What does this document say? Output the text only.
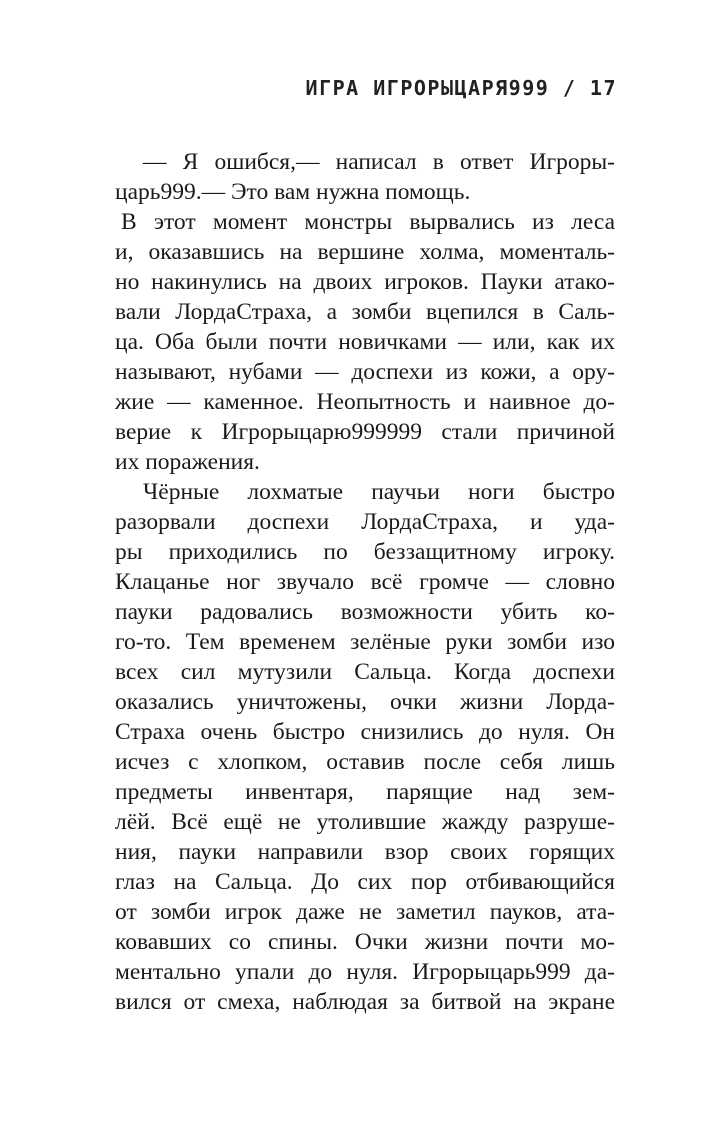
ИГРА ИГРОРЫЦАРЯ999 / 17
— Я ошибся,— написал в ответ Игроры-
царь999.— Это вам нужна помощь.
В этот момент монстры вырвались из леса
и, оказавшись на вершине холма, моменталь-
но накинулись на двоих игроков. Пауки атако-
вали ЛордаСтраха, а зомби вцепился в Саль-
ца. Оба были почти новичками — или, как их
называют, нубами — доспехи из кожи, а ору-
жие — каменное. Неопытность и наивное до-
верие к Игрорыцарю999999 стали причиной
их поражения.
Чёрные лохматые паучьи ноги быстро
разорвали доспехи ЛордаСтраха, и уда-
ры приходились по беззащитному игроку.
Клацанье ног звучало всё громче — словно
пауки радовались возможности убить ко-
го-то. Тем временем зелёные руки зомби изо
всех сил мутузили Сальца. Когда доспехи
оказались уничтожены, очки жизни Лорда-
Страха очень быстро снизились до нуля. Он
исчез с хлопком, оставив после себя лишь
предметы инвентаря, парящие над зем-
лёй. Всё ещё не утолившие жажду разруше-
ния, пауки направили взор своих горящих
глаз на Сальца. До сих пор отбивающийся
от зомби игрок даже не заметил пауков, ата-
ковавших со спины. Очки жизни почти мо-
ментально упали до нуля. Игрорыцарь999 да-
вился от смеха, наблюдая за битвой на экране
